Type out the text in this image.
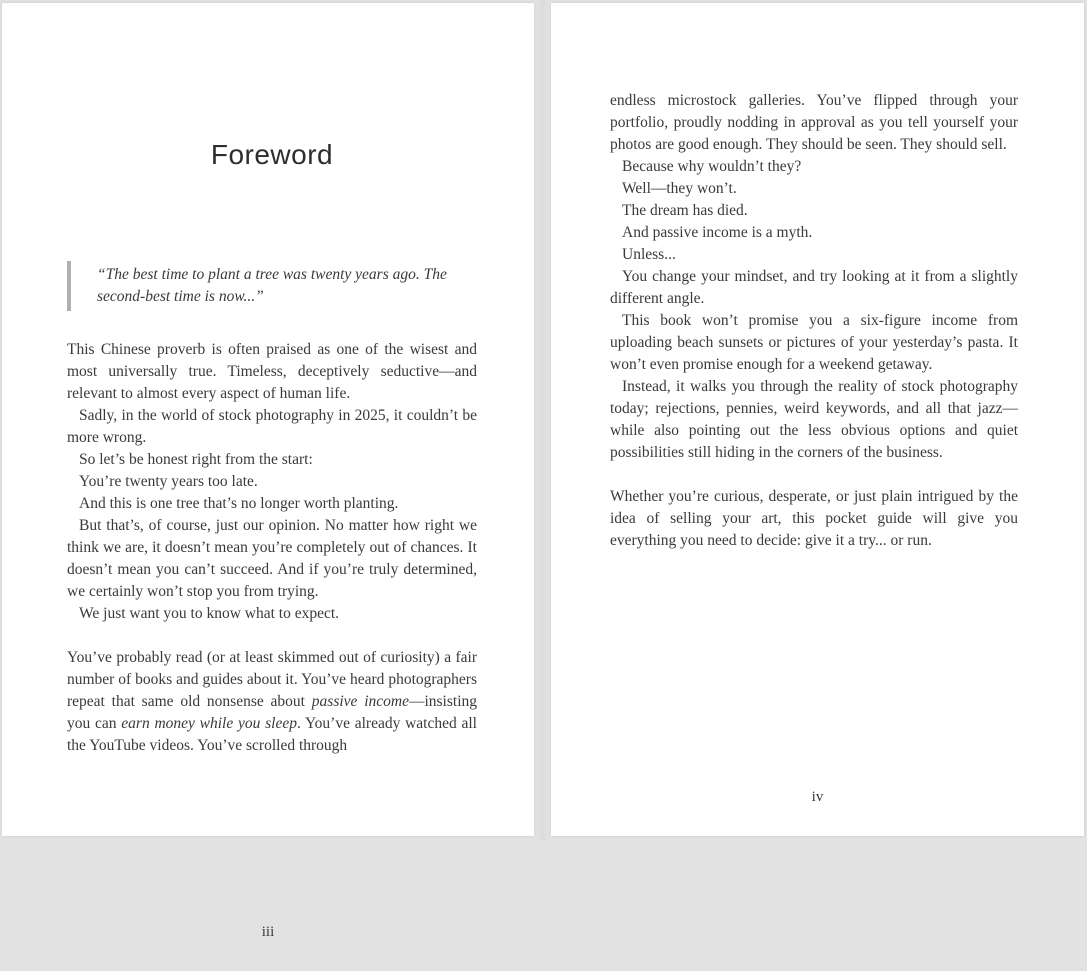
Foreword
“The best time to plant a tree was twenty years ago. The second-best time is now...”

This Chinese proverb is often praised as one of the wisest and most universally true. Timeless, deceptively seductive—and relevant to almost every aspect of human life.

Sadly, in the world of stock photography in 2025, it couldn’t be more wrong.

So let’s be honest right from the start:

You’re twenty years too late.

And this is one tree that’s no longer worth planting.

But that’s, of course, just our opinion. No matter how right we think we are, it doesn’t mean you’re completely out of chances. It doesn’t mean you can’t succeed. And if you’re truly determined, we certainly won’t stop you from trying.

We just want you to know what to expect.

You’ve probably read (or at least skimmed out of curiosity) a fair number of books and guides about it. You’ve heard photographers repeat that same old nonsense about passive income—insisting you can earn money while you sleep. You’ve already watched all the YouTube videos. You’ve scrolled through

iii

endless microstock galleries. You’ve flipped through your portfolio, proudly nodding in approval as you tell yourself your photos are good enough. They should be seen. They should sell.

Because why wouldn’t they?

Well—they won’t.

The dream has died.

And passive income is a myth.

Unless...

You change your mindset, and try looking at it from a slightly different angle.

This book won’t promise you a six-figure income from uploading beach sunsets or pictures of your yesterday’s pasta. It won’t even promise enough for a weekend getaway.

Instead, it walks you through the reality of stock photography today; rejections, pennies, weird keywords, and all that jazz—while also pointing out the less obvious options and quiet possibilities still hiding in the corners of the business.

Whether you’re curious, desperate, or just plain intrigued by the idea of selling your art, this pocket guide will give you everything you need to decide: give it a try... or run.

iv
